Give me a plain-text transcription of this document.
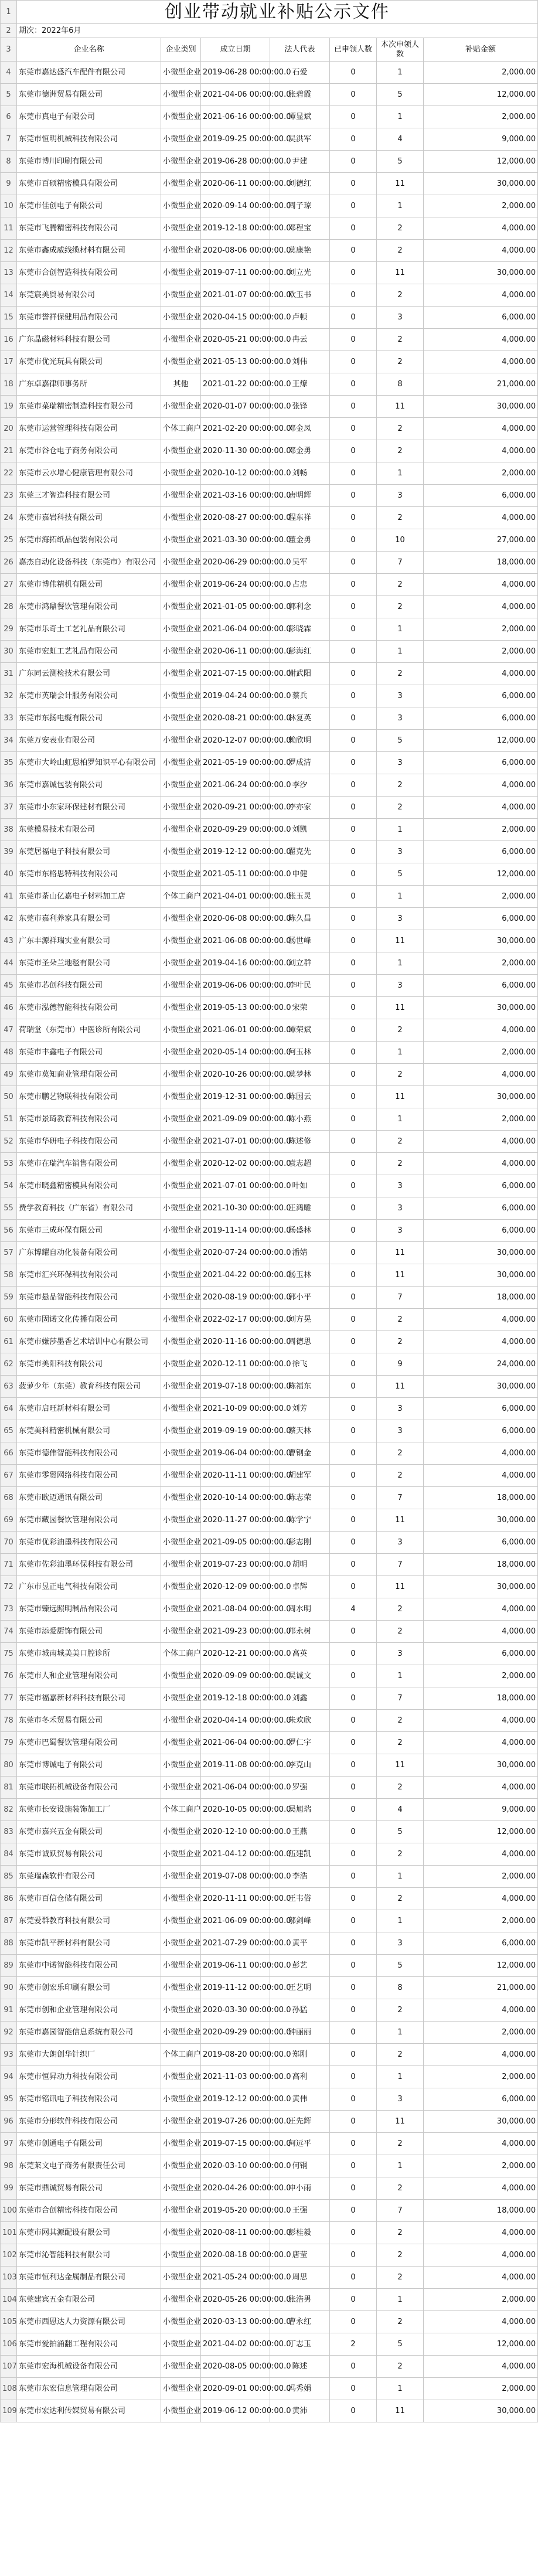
1	创业带动就业补贴公示文件						
2	期次：2022年6月						
3	企业名称	企业类别	成立日期	法人代表	已申领人数	本次申领人数	补贴金额
4	东莞市嘉达盛汽车配件有限公司	小微型企业	2019-06-28 00:00:00.0	石爱	0	1	2,000.00
5	东莞市德洲贸易有限公司	小微型企业	2021-04-06 00:00:00.0	张碧霞	0	5	12,000.00
6	东莞市真电子有限公司	小微型企业	2021-06-16 00:00:00.0	谭显斌	0	1	2,000.00
7	东莞市恒明机械科技有限公司	小微型企业	2019-09-25 00:00:00.0	吴洪军	0	4	9,000.00
8	东莞市博川印刷有限公司	小微型企业	2019-06-28 00:00:00.0	尹建	0	5	12,000.00
9	东莞市百硕精密模具有限公司	小微型企业	2020-06-11 00:00:00.0	刘德红	0	11	30,000.00
10	东莞市佳创电子有限公司	小微型企业	2020-09-14 00:00:00.0	周子琼	0	1	2,000.00
11	东莞市飞腾精密科技有限公司	小微型企业	2019-12-18 00:00:00.0	邓程宝	0	2	4,000.00
12	东莞市鑫成威线缆材料有限公司	小微型企业	2020-08-06 00:00:00.0	莫康艳	0	2	4,000.00
13	东莞市合创智造科技有限公司	小微型企业	2019-07-11 00:00:00.0	刘立光	0	11	30,000.00
14	东莞宸美贸易有限公司	小微型企业	2021-01-07 00:00:00.0	欧玉书	0	2	4,000.00
15	东莞市誉祥保健用品有限公司	小微型企业	2020-04-15 00:00:00.0	卢顿	0	3	6,000.00
16	广东晶磁材料科技有限公司	小微型企业	2020-05-21 00:00:00.0	冉云	0	2	4,000.00
17	东莞市优光玩具有限公司	小微型企业	2021-05-13 00:00:00.0	刘伟	0	2	4,000.00
18	广东卓嘉律师事务所	其他	2021-01-22 00:00:00.0	王燎	0	8	21,000.00
19	东莞市菜瑞精密制造科技有限公司	小微型企业	2020-01-07 00:00:00.0	张锋	0	11	30,000.00
20	东莞市运营管理科技有限公司	个体工商户	2021-02-20 00:00:00.0	邓金凤	0	2	4,000.00
21	东莞市谷仓电子商务有限公司	小微型企业	2020-11-30 00:00:00.0	邓金勇	0	2	4,000.00
22	东莞市云水增心健康管理有限公司	小微型企业	2020-10-12 00:00:00.0	刘畅	0	1	2,000.00
23	东莞三才智造科技有限公司	小微型企业	2021-03-16 00:00:00.0	唐明辉	0	3	6,000.00
24	东莞市嘉岩科技有限公司	小微型企业	2020-08-27 00:00:00.0	程东祥	0	2	4,000.00
25	东莞市海拓纸品包装有限公司	小微型企业	2021-03-30 00:00:00.0	董金勇	0	10	27,000.00
26	嘉杰自动化设备科技（东莞市）有限公司	小微型企业	2020-06-29 00:00:00.0	吴军	0	7	18,000.00
27	东莞市博伟精机有限公司	小微型企业	2019-06-24 00:00:00.0	占忠	0	2	4,000.00
28	东莞市鸿鼎餐饮管理有限公司	小微型企业	2021-01-05 00:00:00.0	郭利念	0	2	4,000.00
29	东莞市乐奇土工艺礼品有限公司	小微型企业	2021-06-04 00:00:00.0	彭晓霖	0	1	2,000.00
30	东莞市宏虹工艺礼品有限公司	小微型企业	2020-06-11 00:00:00.0	彭海红	0	1	2,000.00
31	广东同云测检技术有限公司	小微型企业	2021-07-15 00:00:00.0	谢武阳	0	2	4,000.00
32	东莞市英瑞会计服务有限公司	小微型企业	2019-04-24 00:00:00.0	蔡兵	0	3	6,000.00
33	东莞市东扬电缆有限公司	小微型企业	2020-08-21 00:00:00.0	林复英	0	3	6,000.00
34	东莞万安表业有限公司	小微型企业	2020-12-07 00:00:00.0	赖欣明	0	5	12,000.00
35	东莞市大岭山虹思柏罗知识平心有限公司	小微型企业	2021-05-19 00:00:00.0	罗成清	0	3	6,000.00
36	东莞市嘉诚包装有限公司	小微型企业	2021-06-24 00:00:00.0	李汐	0	2	4,000.00
37	东莞市小东家环保建材有限公司	小微型企业	2020-09-21 00:00:00.0	李亦家	0	2	4,000.00
38	东莞模易技术有限公司	小微型企业	2020-09-29 00:00:00.0	刘凯	0	1	2,000.00
39	东莞居福电子科技有限公司	小微型企业	2019-12-12 00:00:00.0	翟克先	0	3	6,000.00
40	东莞市东格思特科技有限公司	小微型企业	2021-05-11 00:00:00.0	申健	0	5	12,000.00
41	东莞市茶山亿嘉电子材料加工店	个体工商户	2021-04-01 00:00:00.0	张玉灵	0	1	2,000.00
42	东莞市嘉利养家具有限公司	小微型企业	2020-06-08 00:00:00.0	陈久昌	0	3	6,000.00
43	广东丰源祥瑞实业有限公司	小微型企业	2021-06-08 00:00:00.0	杨世峰	0	11	30,000.00
44	东莞市圣朵兰地毯有限公司	小微型企业	2019-04-16 00:00:00.0	刘立群	0	1	2,000.00
45	东莞市芯创科技有限公司	小微型企业	2019-06-06 00:00:00.0	李叶民	0	3	6,000.00
46	东莞市泓德智能科技有限公司	小微型企业	2019-05-13 00:00:00.0	宋荣	0	11	30,000.00
47	荷瑞堂（东莞市）中医诊所有限公司	小微型企业	2021-06-01 00:00:00.0	谭荣斌	0	2	4,000.00
48	东莞市丰鑫电子有限公司	小微型企业	2020-05-14 00:00:00.0	何玉林	0	1	2,000.00
49	东莞市莫知商业管理有限公司	小微型企业	2020-10-26 00:00:00.0	莫梦林	0	2	4,000.00
50	东莞市鹏艺物联科技有限公司	小微型企业	2019-12-31 00:00:00.0	陈国云	0	11	30,000.00
51	东莞市景琦教育科技有限公司	小微型企业	2021-09-09 00:00:00.0	陈小燕	0	1	2,000.00
52	东莞市华研电子科技有限公司	小微型企业	2021-07-01 00:00:00.0	陈述修	0	2	4,000.00
53	东莞市在瑞汽车销售有限公司	小微型企业	2020-12-02 00:00:00.0	袁志超	0	2	4,000.00
54	东莞市晓鑫精密模具有限公司	小微型企业	2021-07-01 00:00:00.0	叶如	0	3	6,000.00
55	费学教育科技（广东省）有限公司	小微型企业	2021-10-30 00:00:00.0	王鸿雕	0	3	6,000.00
56	东莞市三成环保有限公司	小微型企业	2019-11-14 00:00:00.0	杨盛林	0	3	6,000.00
57	广东博耀自动化装备有限公司	小微型企业	2020-07-24 00:00:00.0	潘婧	0	11	30,000.00
58	东莞市汇兴环保科技有限公司	小微型企业	2021-04-22 00:00:00.0	杨玉林	0	11	30,000.00
59	东莞市悬品智能科技有限公司	小微型企业	2020-08-19 00:00:00.0	郭小平	0	7	18,000.00
60	东莞市固诺文化传播有限公司	小微型企业	2022-02-17 00:00:00.0	刘方晃	0	2	4,000.00
61	东莞市嫌莎墨香艺术培训中心有限公司	小微型企业	2020-11-16 00:00:00.0	周德思	0	2	4,000.00
62	东莞市美阳科技有限公司	小微型企业	2020-12-11 00:00:00.0	徐飞	0	9	24,000.00
63	菠萝少年（东莞）教育科技有限公司	小微型企业	2019-07-18 00:00:00.0	陈福东	0	11	30,000.00
64	东莞市启旺新材料有限公司	小微型企业	2021-10-09 00:00:00.0	刘芳	0	3	6,000.00
65	东莞美科精密机械有限公司	小微型企业	2019-09-19 00:00:00.0	蔡天林	0	3	6,000.00
66	东莞市德伟智能科技有限公司	小微型企业	2019-06-04 00:00:00.0	曹钢金	0	2	4,000.00
67	东莞市零贸网络科技有限公司	小微型企业	2020-11-11 00:00:00.0	胡建军	0	2	4,000.00
68	东莞市欧迈通讯有限公司	小微型企业	2020-10-14 00:00:00.0	陈志荣	0	7	18,000.00
69	东莞市藏园餐饮管理有限公司	小微型企业	2020-11-27 00:00:00.0	陈学宁	0	11	30,000.00
70	东莞市优彩油墨科技有限公司	小微型企业	2021-09-05 00:00:00.0	彭志刚	0	3	6,000.00
71	东莞市佐彩油墨环保科技有限公司	小微型企业	2019-07-23 00:00:00.0	胡明	0	7	18,000.00
72	广东市昱正电气科技有限公司	小微型企业	2020-12-09 00:00:00.0	卓辉	0	11	30,000.00
73	东莞市臻远照明制品有限公司	小微型企业	2021-08-04 00:00:00.0	周水明	4	2	4,000.00
74	东莞市添爱厨饰有限公司	小微型企业	2021-09-23 00:00:00.0	邝永树	0	2	4,000.00
75	东莞市城南城美美口腔诊所	个体工商户	2020-12-21 00:00:00.0	高英	0	3	6,000.00
76	东莞市人和企业管理有限公司	小微型企业	2020-09-09 00:00:00.0	吴诚文	0	1	2,000.00
77	东莞市福嘉新材料科技有限公司	小微型企业	2019-12-18 00:00:00.0	刘鑫	0	7	18,000.00
78	东莞市冬禾贸易有限公司	小微型企业	2020-04-14 00:00:00.0	朱欢欣	0	2	4,000.00
79	东莞市巴蜀餐饮管理有限公司	小微型企业	2021-06-04 00:00:00.0	罗仁宇	0	2	4,000.00
80	东莞市博诚电子有限公司	小微型企业	2019-11-08 00:00:00.0	李克山	0	11	30,000.00
81	东莞市联拓机械设备有限公司	小微型企业	2021-06-04 00:00:00.0	罗强	0	2	4,000.00
82	东莞市长安设施装饰加工厂	个体工商户	2020-10-05 00:00:00.0	吴旭瑞	0	4	9,000.00
83	东莞市嘉兴五金有限公司	小微型企业	2020-12-10 00:00:00.0	王燕	0	5	12,000.00
84	东莞市诚跃贸易有限公司	小微型企业	2021-04-12 00:00:00.0	伍建凯	0	2	4,000.00
85	东莞瑞森软件有限公司	小微型企业	2019-07-08 00:00:00.0	李浩	0	1	2,000.00
86	东莞市百信仓储有限公司	小微型企业	2020-11-11 00:00:00.0	王韦俗	0	2	4,000.00
87	东莞爱群教育科技有限公司	小微型企业	2021-06-09 00:00:00.0	邬剑峰	0	1	2,000.00
88	东莞市凯平新材料有限公司	小微型企业	2021-07-29 00:00:00.0	黄平	0	3	6,000.00
89	东莞市中诺智能科技有限公司	小微型企业	2019-06-11 00:00:00.0	彭艺	0	5	12,000.00
90	东莞市创宏乐印刷有限公司	小微型企业	2019-11-12 00:00:00.0	王艺明	0	8	21,000.00
91	东莞市创和企业管理有限公司	小微型企业	2020-03-30 00:00:00.0	孙猛	0	2	4,000.00
92	东莞市嘉园智能信息系统有限公司	小微型企业	2020-09-29 00:00:00.0	钟丽丽	0	1	2,000.00
93	东莞市大朗创华针织厂	个体工商户	2019-08-20 00:00:00.0	郑刚	0	2	4,000.00
94	东莞市恒昇动力科技有限公司	小微型企业	2021-11-03 00:00:00.0	高利	0	1	2,000.00
95	东莞市铭讯电子科技有限公司	小微型企业	2019-12-12 00:00:00.0	黄伟	0	3	6,000.00
96	东莞市分形软件科技有限公司	小微型企业	2019-07-26 00:00:00.0	王先辉	0	11	30,000.00
97	东莞市创通电子有限公司	小微型企业	2019-07-15 00:00:00.0	何远平	0	2	4,000.00
98	东莞莱文电子商务有限责任公司	小微型企业	2020-03-10 00:00:00.0	何钢	0	1	2,000.00
99	东莞市鼎诚贸易有限公司	小微型企业	2020-04-26 00:00:00.0	申小雨	0	2	4,000.00
100	东莞市合创精密科技有限公司	小微型企业	2019-05-20 00:00:00.0	王强	0	7	18,000.00
101	东莞市网其源配设有限公司	小微型企业	2020-08-11 00:00:00.0	彭桂毅	0	2	4,000.00
102	东莞市沁智能科技有限公司	小微型企业	2020-08-18 00:00:00.0	唐莹	0	2	4,000.00
103	东莞市恒利达金属制品有限公司	小微型企业	2021-05-24 00:00:00.0	周思	0	2	4,000.00
104	东莞建宾五金有限公司	小微型企业	2020-05-26 00:00:00.0	张浩男	0	1	2,000.00
105	东莞市西恩达人力资源有限公司	小微型企业	2020-03-13 00:00:00.0	曹永红	0	2	4,000.00
106	东莞市爱拍涌翻工程有限公司	小微型企业	2021-04-02 00:00:00.0	丁志玉	2	5	12,000.00
107	东莞市宏海机械设备有限公司	小微型企业	2020-08-05 00:00:00.0	陈述	0	2	4,000.00
108	东莞市东宏信息管理有限公司	小微型企业	2020-09-01 00:00:00.0	冯秀娟	0	1	2,000.00
109	东莞市宏达利传媒贸易有限公司	小微型企业	2019-06-12 00:00:00.0	黄沛	0	11	30,000.00
